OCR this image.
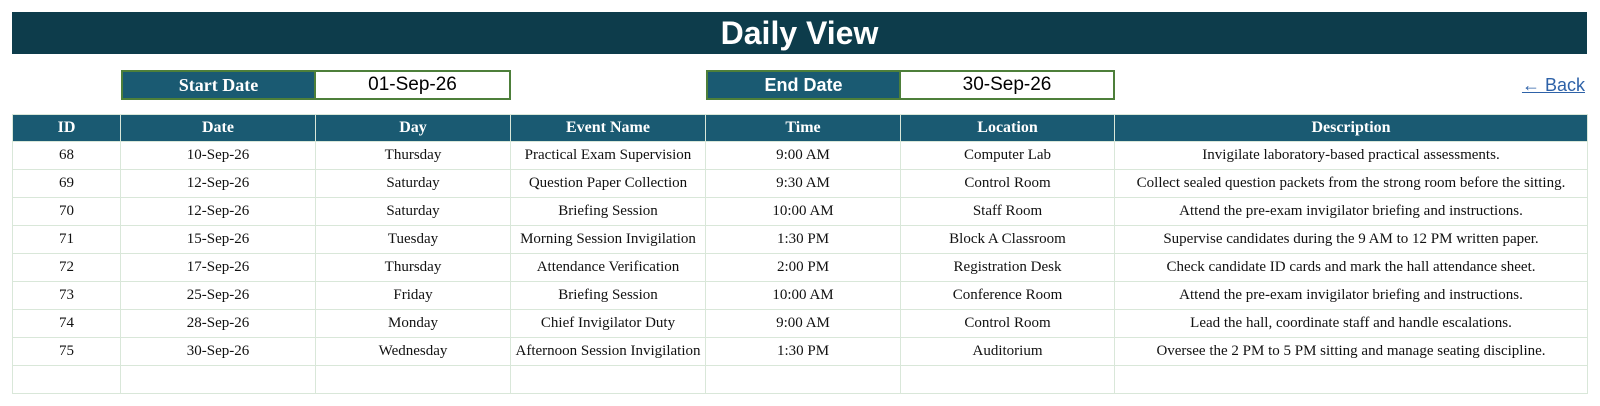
Daily View
Start Date	01-Sep-26	End Date	30-Sep-26	← Back
ID	Date	Day	Event Name	Time	Location	Description
68	10-Sep-26	Thursday	Practical Exam Supervision	9:00 AM	Computer Lab	Invigilate laboratory-based practical assessments.
69	12-Sep-26	Saturday	Question Paper Collection	9:30 AM	Control Room	Collect sealed question packets from the strong room before the sitting.
70	12-Sep-26	Saturday	Briefing Session	10:00 AM	Staff Room	Attend the pre-exam invigilator briefing and instructions.
71	15-Sep-26	Tuesday	Morning Session Invigilation	1:30 PM	Block A Classroom	Supervise candidates during the 9 AM to 12 PM written paper.
72	17-Sep-26	Thursday	Attendance Verification	2:00 PM	Registration Desk	Check candidate ID cards and mark the hall attendance sheet.
73	25-Sep-26	Friday	Briefing Session	10:00 AM	Conference Room	Attend the pre-exam invigilator briefing and instructions.
74	28-Sep-26	Monday	Chief Invigilator Duty	9:00 AM	Control Room	Lead the hall, coordinate staff and handle escalations.
75	30-Sep-26	Wednesday	Afternoon Session Invigilation	1:30 PM	Auditorium	Oversee the 2 PM to 5 PM sitting and manage seating discipline.
